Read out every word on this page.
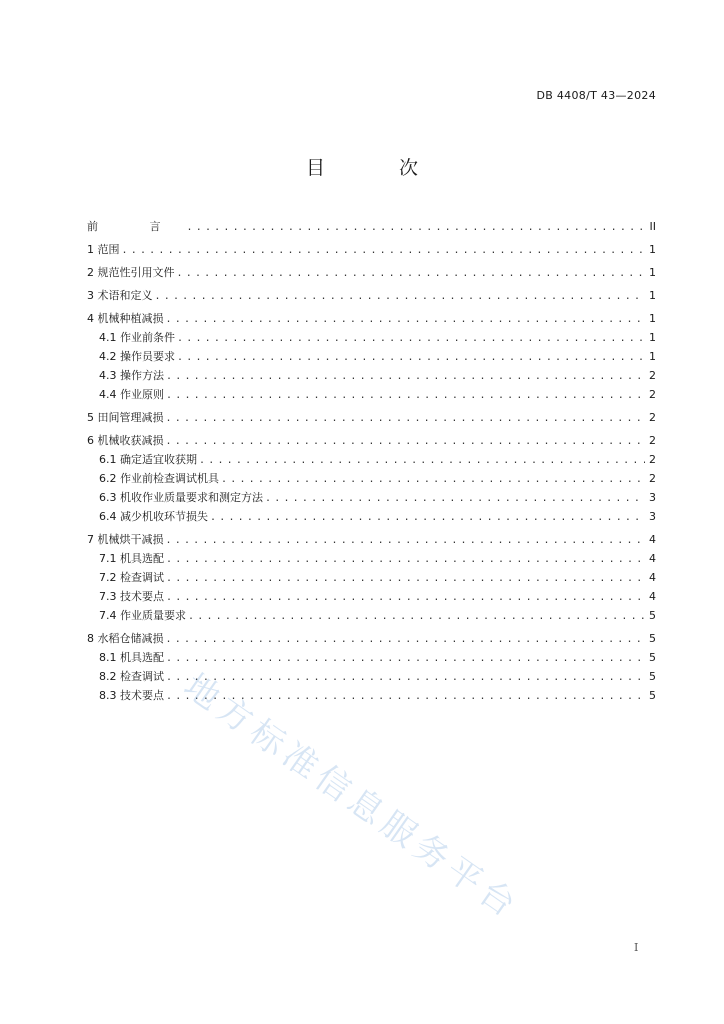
DB 4408/T 43—2024
目 次
前 言 .....	II
1 范围 .....	1
2 规范性引用文件 .....	1
3 术语和定义 .....	1
4 机械种植减损 .....	1
4.1 作业前条件 .....	1
4.2 操作员要求 .....	1
4.3 操作方法 .....	2
4.4 作业原则 .....	2
5 田间管理减损 .....	2
6 机械收获减损 .....	2
6.1 确定适宜收获期 .....	2
6.2 作业前检查调试机具 .....	2
6.3 机收作业质量要求和测定方法 .....	3
6.4 减少机收环节损失 .....	3
7 机械烘干减损 .....	4
7.1 机具选配 .....	4
7.2 检查调试 .....	4
7.3 技术要点 .....	4
7.4 作业质量要求 .....	5
8 水稻仓储减损 .....	5
8.1 机具选配 .....	5
8.2 检查调试 .....	5
8.3 技术要点 .....	5
地方标准信息服务平台
I
